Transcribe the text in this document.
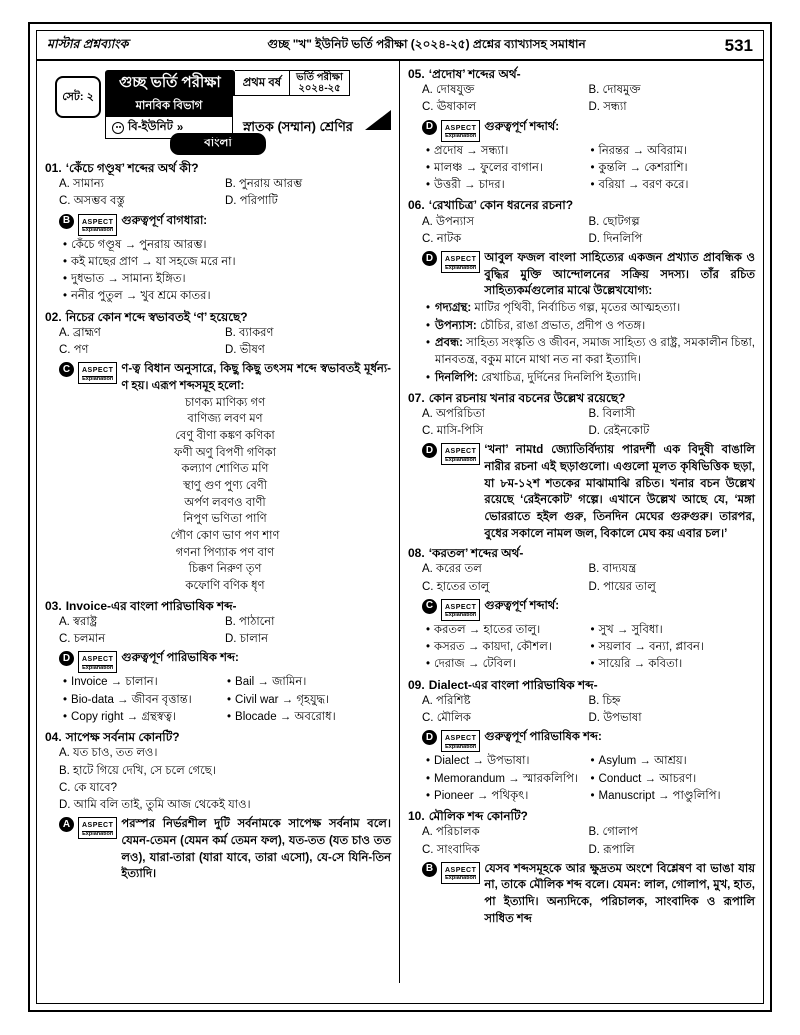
মাস্টার প্রশ্নব্যাংক	গুচ্ছ "খ" ইউনিট ভর্তি পরীক্ষা (২০২৪-২৫) প্রশ্নের ব্যাখ্যাসহ সমাধান	531
সেট: ২
গুচ্ছ ভর্তি পরীক্ষা	প্রথম বর্ষ	ভর্তি পরীক্ষা
২০২৪-২৫
মানবিক বিভাগ
বি-ইউনিট »	স্নাতক (সম্মান) শ্রেণির
বাংলা
01. ‘কেঁচে গণ্ডূষ’ শব্দের অর্থ কী?
A. সামান্য	B. পুনরায় আরম্ভ
C. অসম্ভব বস্তু	D. পরিপাটি
B	ASPECT
Explanation
গুরুত্বপূর্ণ বাগধারা:
• কেঁচে গণ্ডূষ → পুনরায় আরম্ভ।
• কই মাছের প্রাণ → যা সহজে মরে না।
• দুধভাত → সামান্য ইঙ্গিত।
• ননীর পুতুল → খুব শ্রমে কাতর।
02. নিচের কোন শব্দে স্বভাবতই ‘ণ’ হয়েছে?
A. ব্রাহ্মণ	B. ব্যাকরণ
C. পণ	D. ভীষণ
C	ASPECT
Explanation
ণ-ত্ব বিধান অনুসারে, কিছু কিছু তৎসম শব্দে স্বভাবতই মূর্ধন্য-ণ হয়। এরূপ শব্দসমূহ হলো:
চাণক্য মাণিক্য গণ
বাণিজ্য লবণ মণ
বেণু বীণা কঙ্কণ কণিকা
ফণী অণু বিপণী গণিকা
কল্যাণ শোণিত মণি
স্থাণু গুণ পুণ্য বেণী
অর্পণ লবণও বাণী
নিপুণ ভণিতা পাণি
গৌণ কোণ ভাণ পণ শাণ
গণনা পিণ্যাক পণ বাণ
চিক্কণ নিরুণ তৃণ
কফোণি বণিক ধৃণ
03. Invoice-এর বাংলা পারিভাষিক শব্দ-
A. স্বরাষ্ট্র	B. পাঠানো
C. চলমান	D. চালান
D	ASPECT
Explanation
গুরুত্বপূর্ণ পারিভাষিক শব্দ:
• Invoice → চালান।	• Bail → জামিন।
• Bio-data → জীবন বৃত্তান্ত।	• Civil war → গৃহযুদ্ধ।
• Copy right → গ্রন্থস্বত্ব।	• Blocade → অবরোধ।
04. সাপেক্ষ সর্বনাম কোনটি?
A. যত চাও, তত লও।
B. হাটে গিয়ে দেখি, সে চলে গেছে।
C. কে যাবে?
D. আমি বলি তাই, তুমি আজ থেকেই যাও।
A	ASPECT
Explanation
পরস্পর নির্ভরশীল দুটি সর্বনামকে সাপেক্ষ সর্বনাম বলে। যেমন-তেমন (যেমন কর্ম তেমন ফল), যত-তত (যত চাও তত লও), যারা-তারা (যারা যাবে, তারা এসো), যে-সে যিনি-তিন ইত্যাদি।
05. ‘প্রদোষ’ শব্দের অর্থ-
A. দোষযুক্ত	B. দোষমুক্ত
C. ঊষাকাল	D. সন্ধ্যা
D	ASPECT
Explanation
গুরুত্বপূর্ণ শব্দার্থ:
• প্রদোষ → সন্ধ্যা।	• নিরন্তর → অবিরাম।
• মালঞ্চ → ফুলের বাগান।	• কুন্তলি → কেশরাশি।
• উত্তরী → চাদর।	• বরিয়া → বরণ করে।
06. ‘রেখাচিত্র’ কোন ধরনের রচনা?
A. উপন্যাস	B. ছোটগল্প
C. নাটক	D. দিনলিপি
D	ASPECT
Explanation
আবুল ফজল বাংলা সাহিত্যের একজন প্রখ্যাত প্রাবন্ধিক ও বুদ্ধির মুক্তি আন্দোলনের সক্রিয় সদস্য। তাঁর রচিত সাহিত্যকর্মগুলোর মাঝে উল্লেখযোগ্য:
• গদ্যগ্রন্থ: মাটির পৃথিবী, নির্বাচিত গল্প, মৃতের আত্মহত্যা।
• উপন্যাস: চৌচির, রাঙা প্রভাত, প্রদীপ ও পতঙ্গ।
• প্রবন্ধ: সাহিত্য সংস্কৃতি ও জীবন, সমাজ সাহিত্য ও রাষ্ট্র, সমকালীন চিন্তা, মানবতন্ত্র, বকুম মানে মাথা নত না করা ইত্যাদি।
• দিনলিপি: রেখাচিত্র, দুর্দিনের দিনলিপি ইত্যাদি।
07. কোন রচনায় খনার বচনের উল্লেখ রয়েছে?
A. অপরিচিতা	B. বিলাসী
C. মাসি-পিসি	D. রেইনকোট
D	ASPECT
Explanation
‘খনা’ নামtd জ্যোতির্বিদ্যায় পারদর্শী এক বিদুষী বাঙালি নারীর রচনা এই ছড়াগুলো। এগুলো মূলত কৃষিভিত্তিক ছড়া, যা ৮ম-১২শ শতকের মাঝামাঝি রচিত। খনার বচন উল্লেখ রয়েছে ‘রেইনকোট’ গল্পে। এখানে উল্লেখ আছে যে, ‘মঙ্গা ভোররাতে হইল গুরু, তিনদিন মেঘের গুরুগুরু। তারপর, বুধের সকালে নামল জল, বিকালে মেঘ কয় এবার চল।’
08. ‘করতল’ শব্দের অর্থ-
A. করের তল	B. বাদ্যযন্ত্র
C. হাতের তালু	D. পায়ের তালু
C	ASPECT
Explanation
গুরুত্বপূর্ণ শব্দার্থ:
• করতল → হাতের তালু।	• সুখ → সুবিধা।
• কসরত → কায়দা, কৌশল।	• সয়লাব → বন্যা, প্লাবন।
• দেরাজ → টেবিল।	• সায়েরি → কবিতা।
09. Dialect-এর বাংলা পারিভাষিক শব্দ-
A. পরিশিষ্ট	B. চিহ্ন
C. মৌলিক	D. উপভাষা
D	ASPECT
Explanation
গুরুত্বপূর্ণ পারিভাষিক শব্দ:
• Dialect → উপভাষা।	• Asylum → আশ্রয়।
• Memorandum → স্মারকলিপি। • Conduct → আচরণ।
• Pioneer → পথিকৃৎ।	• Manuscript → পাণ্ডুলিপি।
10. মৌলিক শব্দ কোনটি?
A. পরিচালক	B. গোলাপ
C. সাংবাদিক	D. রূপালি
B	ASPECT
Explanation
যেসব শব্দসমূহকে আর ক্ষুদ্রতম অংশে বিশ্লেষণ বা ভাঙা যায় না, তাকে মৌলিক শব্দ বলে। যেমন: লাল, গোলাপ, মুখ, হাত, পা ইত্যাদি। অন্যদিকে, পরিচালক, সাংবাদিক ও রূপালি সাধিত শব্দ
